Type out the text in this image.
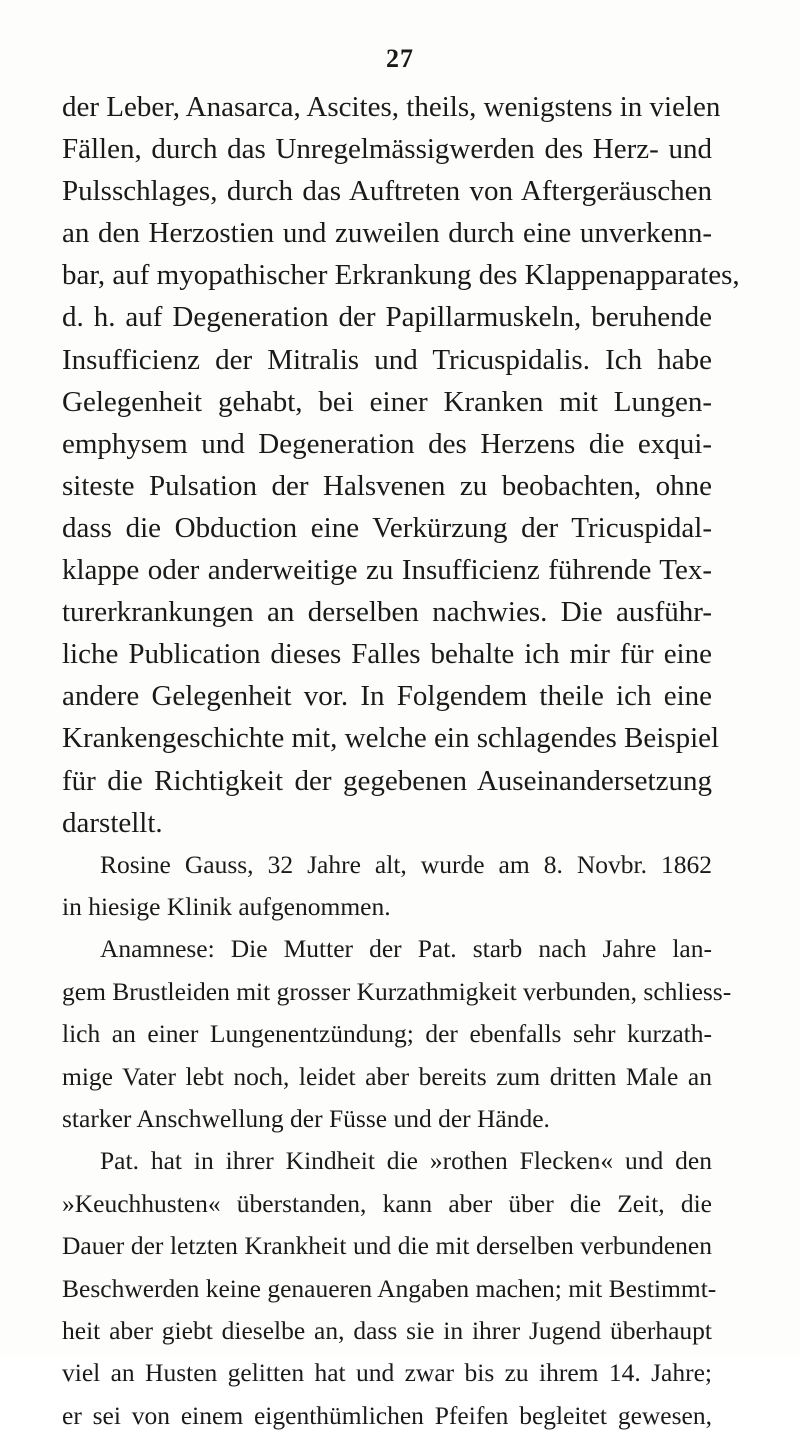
27
der Leber, Anasarca, Ascites, theils, wenigstens in vielen
Fällen, durch das Unregelmässigwerden des Herz- und
Pulsschlages, durch das Auftreten von Aftergeräuschen
an den Herzostien und zuweilen durch eine unverkenn-
bar, auf myopathischer Erkrankung des Klappenapparates,
d. h. auf Degeneration der Papillarmuskeln, beruhende
Insufficienz der Mitralis und Tricuspidalis. Ich habe
Gelegenheit gehabt, bei einer Kranken mit Lungen-
emphysem und Degeneration des Herzens die exqui-
siteste Pulsation der Halsvenen zu beobachten, ohne
dass die Obduction eine Verkürzung der Tricuspidal-
klappe oder anderweitige zu Insufficienz führende Tex-
turerkrankungen an derselben nachwies. Die ausführ-
liche Publication dieses Falles behalte ich mir für eine
andere Gelegenheit vor. In Folgendem theile ich eine
Krankengeschichte mit, welche ein schlagendes Beispiel
für die Richtigkeit der gegebenen Auseinandersetzung
darstellt.
Rosine Gauss, 32 Jahre alt, wurde am 8. Novbr. 1862
in hiesige Klinik aufgenommen.
Anamnese: Die Mutter der Pat. starb nach Jahre lan-
gem Brustleiden mit grosser Kurzathmigkeit verbunden, schliess-
lich an einer Lungenentzündung; der ebenfalls sehr kurzath-
mige Vater lebt noch, leidet aber bereits zum dritten Male an
starker Anschwellung der Füsse und der Hände.
Pat. hat in ihrer Kindheit die »rothen Flecken« und den
»Keuchhusten« überstanden, kann aber über die Zeit, die
Dauer der letzten Krankheit und die mit derselben verbundenen
Beschwerden keine genaueren Angaben machen; mit Bestimmt-
heit aber giebt dieselbe an, dass sie in ihrer Jugend überhaupt
viel an Husten gelitten hat und zwar bis zu ihrem 14. Jahre;
er sei von einem eigenthümlichen Pfeifen begleitet gewesen,
